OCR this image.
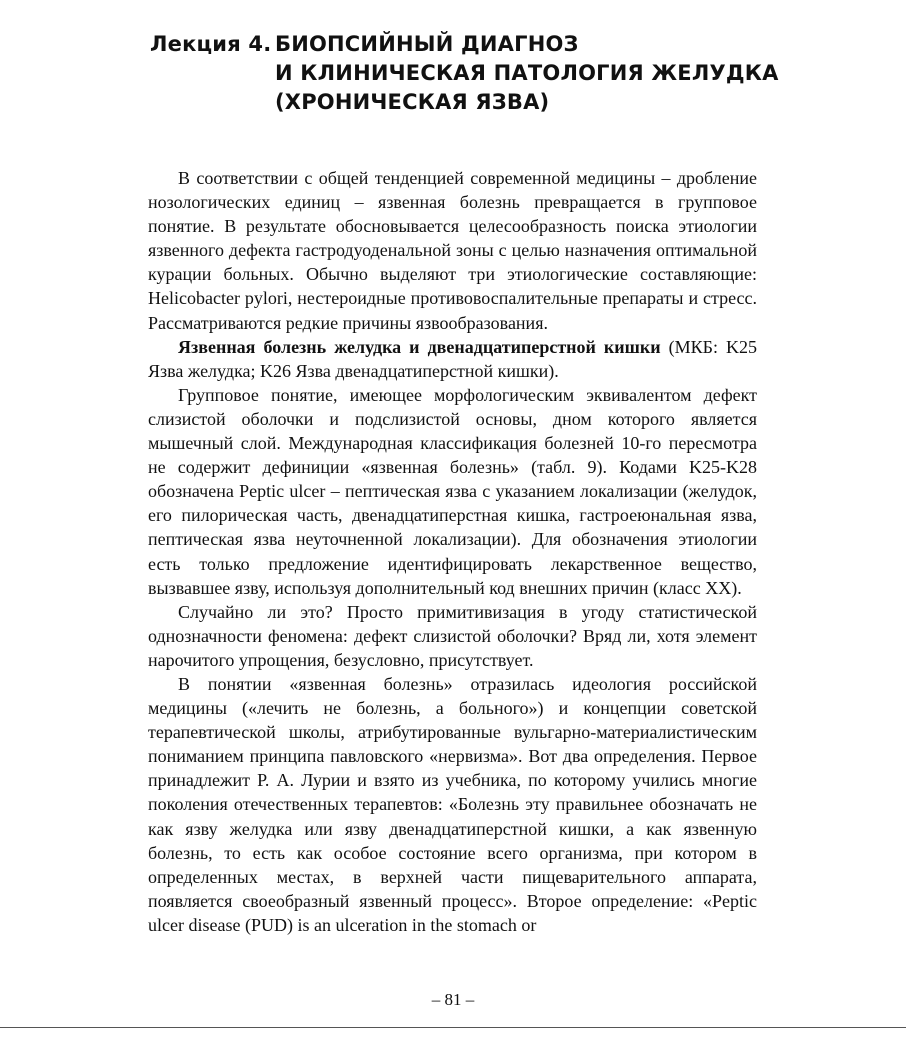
Лекция 4. БИОПСИЙНЫЙ ДИАГНОЗ
И КЛИНИЧЕСКАЯ ПАТОЛОГИЯ ЖЕЛУДКА
(ХРОНИЧЕСКАЯ ЯЗВА)

В соответствии с общей тенденцией современной медицины – дробление нозологических единиц – язвенная болезнь превращается в групповое понятие. В результате обосновывается целесообразность поиска этиологии язвенного дефекта гастродуоденальной зоны с целью назначения оптимальной курации больных. Обычно выделяют три этиологические составляющие: Helicobacter pylori, нестероидные противовоспалительные препараты и стресс. Рассматриваются редкие причины язвообразования.

Язвенная болезнь желудка и двенадцатиперстной кишки (МКБ: K25 Язва желудка; K26 Язва двенадцатиперстной кишки).

Групповое понятие, имеющее морфологическим эквивалентом дефект слизистой оболочки и подслизистой основы, дном которого является мышечный слой. Международная классификация болезней 10-го пересмотра не содержит дефиниции «язвенная болезнь» (табл. 9). Кодами K25-K28 обозначена Peptic ulcer – пептическая язва с указанием локализации (желудок, его пилорическая часть, двенадцатиперстная кишка, гастроеюнальная язва, пептическая язва неуточненной локализации). Для обозначения этиологии есть только предложение идентифицировать лекарственное вещество, вызвавшее язву, используя дополнительный код внешних причин (класс XX).

Случайно ли это? Просто примитивизация в угоду статистической однозначности феномена: дефект слизистой оболочки? Вряд ли, хотя элемент нарочитого упрощения, безусловно, присутствует.

В понятии «язвенная болезнь» отразилась идеология российской медицины («лечить не болезнь, а больного») и концепции советской терапевтической школы, атрибутированные вульгарно-материалистическим пониманием принципа павловского «нервизма». Вот два определения. Первое принадлежит Р. А. Лурии и взято из учебника, по которому учились многие поколения отечественных терапевтов: «Болезнь эту правильнее обозначать не как язву желудка или язву двенадцатиперстной кишки, а как язвенную болезнь, то есть как особое состояние всего организма, при котором в определенных местах, в верхней части пищеварительного аппарата, появляется своеобразный язвенный процесс». Второе определение: «Peptic ulcer disease (PUD) is an ulceration in the stomach or

– 81 –
